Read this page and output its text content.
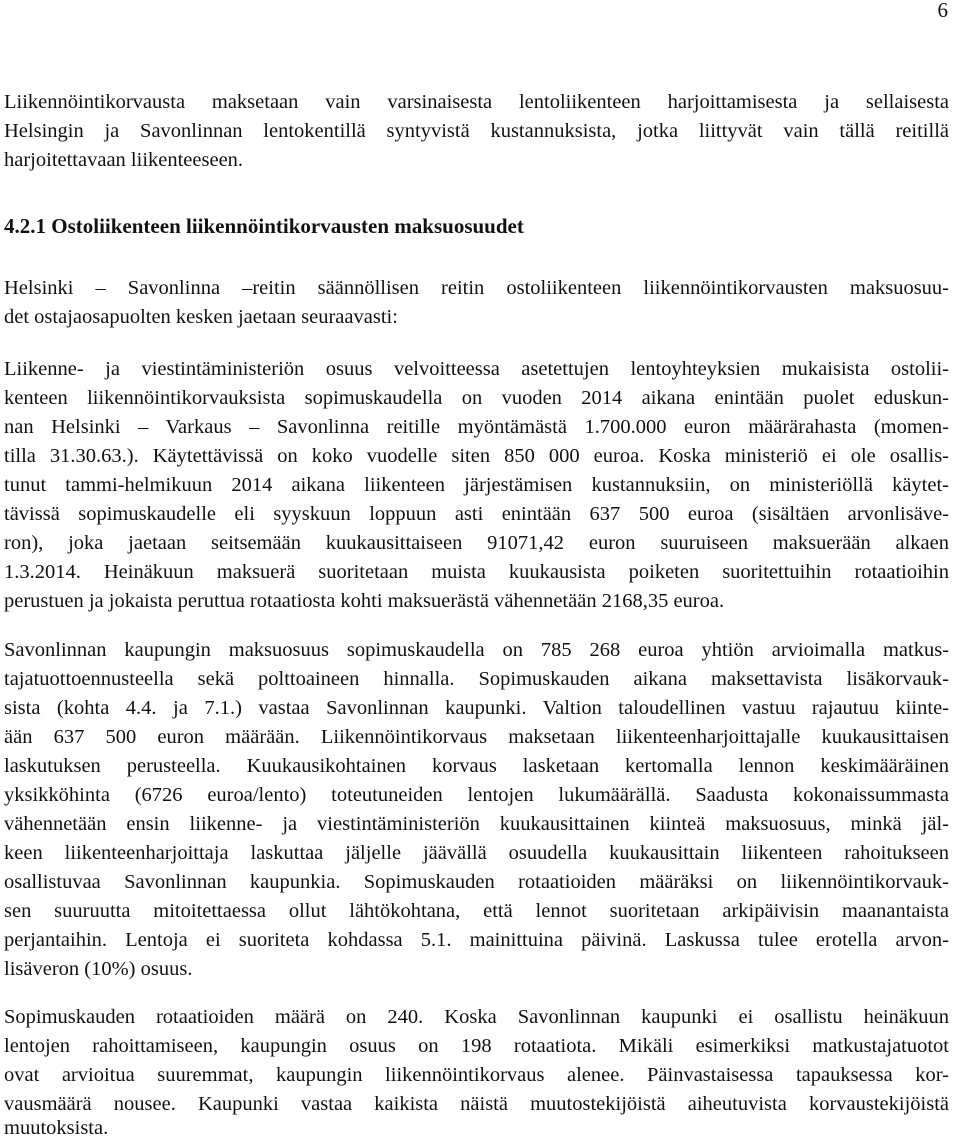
6

Liikennöintikorvausta maksetaan vain varsinaisesta lentoliikenteen harjoittamisesta ja sellaisesta

Helsingin ja Savonlinnan lentokentillä syntyvistä kustannuksista, jotka liittyvät vain tällä reitillä

harjoitettavaan liikenteeseen.

4.2.1 Ostoliikenteen liikennöintikorvausten maksuosuudet

Helsinki – Savonlinna –reitin säännöllisen reitin ostoliikenteen liikennöintikorvausten maksuosuu-

det ostajaosapuolten kesken jaetaan seuraavasti:

Liikenne- ja viestintäministeriön osuus velvoitteessa asetettujen lentoyhteyksien mukaisista ostolii-

kenteen liikennöintikorvauksista sopimuskaudella on vuoden 2014 aikana enintään puolet eduskun-

nan Helsinki – Varkaus – Savonlinna reitille myöntämästä 1.700.000 euron määrärahasta (momen-

tilla 31.30.63.). Käytettävissä on koko vuodelle siten 850 000 euroa. Koska ministeriö ei ole osallis-

tunut tammi-helmikuun 2014 aikana liikenteen järjestämisen kustannuksiin, on ministeriöllä käytet-

tävissä sopimuskaudelle eli syyskuun loppuun asti enintään 637 500 euroa (sisältäen arvonlisäve-

ron), joka jaetaan seitsemään kuukausittaiseen 91071,42 euron suuruiseen maksuerään alkaen

1.3.2014. Heinäkuun maksuerä suoritetaan muista kuukausista poiketen suoritettuihin rotaatioihin

perustuen ja jokaista peruttua rotaatiosta kohti maksuerästä vähennetään 2168,35 euroa.

Savonlinnan kaupungin maksuosuus sopimuskaudella on 785 268 euroa yhtiön arvioimalla matkus-

tajatuottoennusteella sekä polttoaineen hinnalla. Sopimuskauden aikana maksettavista lisäkorvauk-

sista (kohta 4.4. ja 7.1.) vastaa Savonlinnan kaupunki. Valtion taloudellinen vastuu rajautuu kiinte-

ään 637 500 euron määrään. Liikennöintikorvaus maksetaan liikenteenharjoittajalle kuukausittaisen

laskutuksen perusteella. Kuukausikohtainen korvaus lasketaan kertomalla lennon keskimääräinen

yksikköhinta (6726 euroa/lento) toteutuneiden lentojen lukumäärällä. Saadusta kokonaissummasta

vähennetään ensin liikenne- ja viestintäministeriön kuukausittainen kiinteä maksuosuus, minkä jäl-

keen liikenteenharjoittaja laskuttaa jäljelle jäävällä osuudella kuukausittain liikenteen rahoitukseen

osallistuvaa Savonlinnan kaupunkia. Sopimuskauden rotaatioiden määräksi on liikennöintikorvauk-

sen suuruutta mitoitettaessa ollut lähtökohtana, että lennot suoritetaan arkipäivisin maanantaista

perjantaihin. Lentoja ei suoriteta kohdassa 5.1. mainittuina päivinä. Laskussa tulee erotella arvon-

lisäveron (10%) osuus.

Sopimuskauden rotaatioiden määrä on 240. Koska Savonlinnan kaupunki ei osallistu heinäkuun

lentojen rahoittamiseen, kaupungin osuus on 198 rotaatiota. Mikäli esimerkiksi matkustajatuotot

ovat arvioitua suuremmat, kaupungin liikennöintikorvaus alenee. Päinvastaisessa tapauksessa kor-

vausmäärä nousee. Kaupunki vastaa kaikista näistä muutostekijöistä aiheutuvista korvaustekijöistä

muutoksista.
